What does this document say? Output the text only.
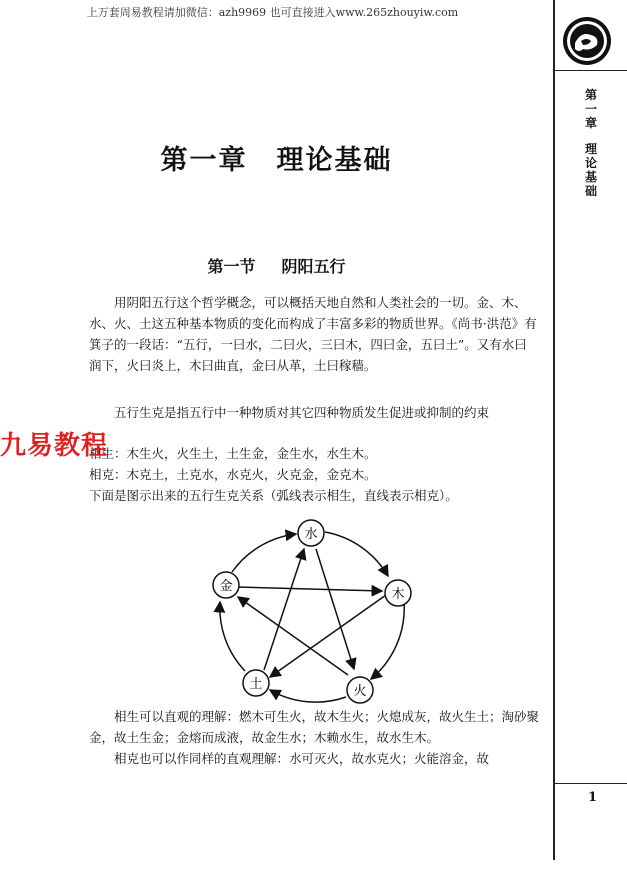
上万套周易教程请加微信：azh9969 也可直接进入www.265zhouyiw.com
第
一
章
理
论
基
础
1
第一章　理论基础
第一节 阴阳五行

用阴阳五行这个哲学概念，可以概括天地自然和人类社会的一切。金、木、水、火、土这五种基本物质的变化而构成了丰富多彩的物质世界。《尚书·洪范》有箕子的一段话：“五行，一曰水，二曰火，三曰木，四曰金，五曰土”。又有水曰润下，火曰炎上，木曰曲直，金曰从革，土曰稼穑。

五行生克是指五行中一种物质对其它四种物质发生促进或抑制的约束

相生：木生火，火生土，土生金，金生水，水生木。

相克：木克土，土克水，水克火，火克金，金克木。

下面是图示出来的五行生克关系（弧线表示相生，直线表示相克）。

九易教程
水
木
火
土
金

相生可以直观的理解：燃木可生火，故木生火；火熄成灰，故火生土；淘砂聚金，故土生金；金熔而成液，故金生水；木赖水生，故水生木。

相克也可以作同样的直观理解：水可灭火，故水克火；火能溶金，故
